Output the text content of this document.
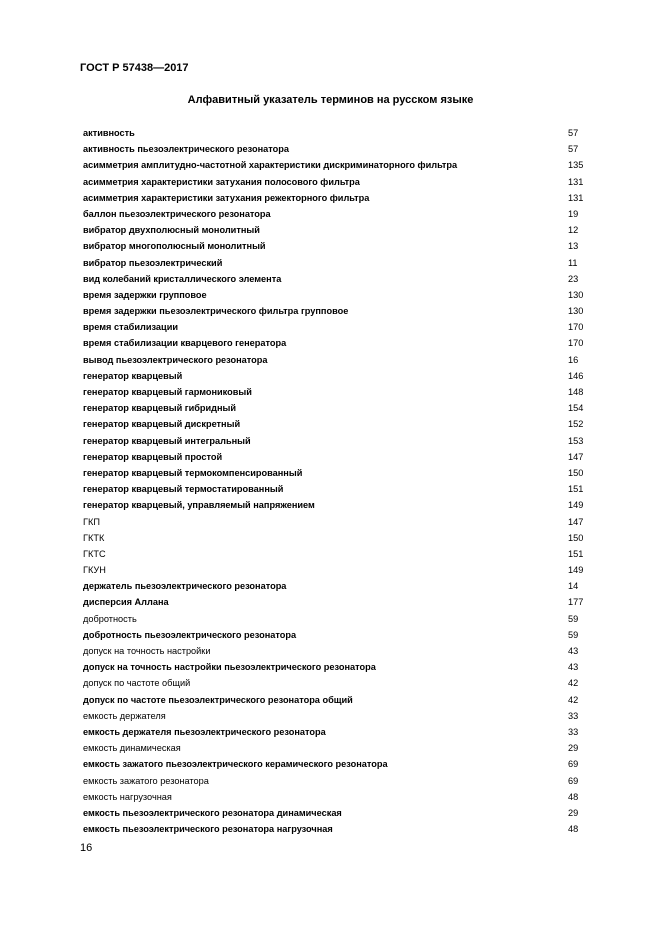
ГОСТ Р 57438—2017
Алфавитный указатель терминов на русском языке
активность	57
активность пьезоэлектрического резонатора	57
асимметрия амплитудно-частотной характеристики дискриминаторного фильтра	135
асимметрия характеристики затухания полосового фильтра	131
асимметрия характеристики затухания режекторного фильтра	131
баллон пьезоэлектрического резонатора	19
вибратор двухполюсный монолитный	12
вибратор многополюсный монолитный	13
вибратор пьезоэлектрический	11
вид колебаний кристаллического элемента	23
время задержки групповое	130
время задержки пьезоэлектрического фильтра групповое	130
время стабилизации	170
время стабилизации кварцевого генератора	170
вывод пьезоэлектрического резонатора	16
генератор кварцевый	146
генератор кварцевый гармониковый	148
генератор кварцевый гибридный	154
генератор кварцевый дискретный	152
генератор кварцевый интегральный	153
генератор кварцевый простой	147
генератор кварцевый термокомпенсированный	150
генератор кварцевый термостатированный	151
генератор кварцевый, управляемый напряжением	149
ГКП	147
ГКТК	150
ГКТС	151
ГКУН	149
держатель пьезоэлектрического резонатора	14
дисперсия Аллана	177
добротность	59
добротность пьезоэлектрического резонатора	59
допуск на точность настройки	43
допуск на точность настройки пьезоэлектрического резонатора	43
допуск по частоте общий	42
допуск по частоте пьезоэлектрического резонатора общий	42
емкость держателя	33
емкость держателя пьезоэлектрического резонатора	33
емкость динамическая	29
емкость зажатого пьезоэлектрического керамического резонатора	69
емкость зажатого резонатора	69
емкость нагрузочная	48
емкость пьезоэлектрического резонатора динамическая	29
емкость пьезоэлектрического резонатора нагрузочная	48
16
